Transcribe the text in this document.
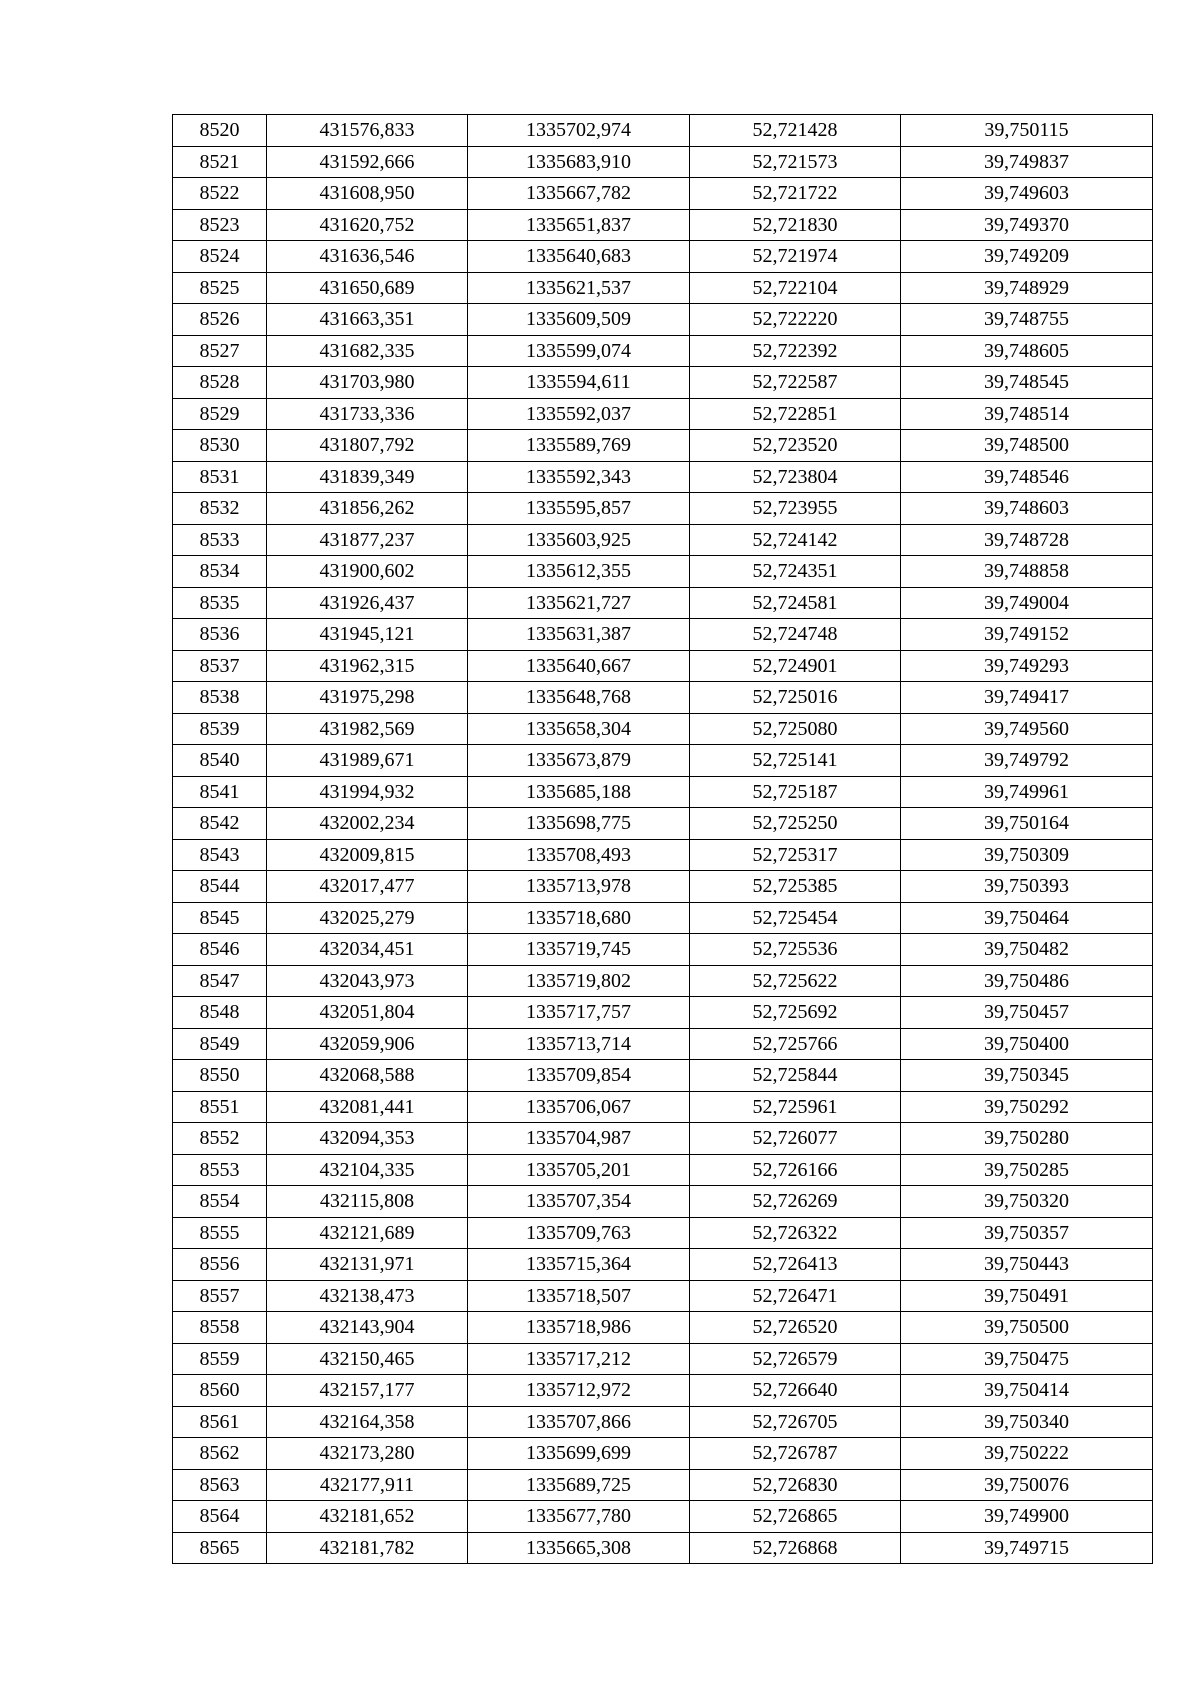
8520	431576,833	1335702,974	52,721428	39,750115
8521	431592,666	1335683,910	52,721573	39,749837
8522	431608,950	1335667,782	52,721722	39,749603
8523	431620,752	1335651,837	52,721830	39,749370
8524	431636,546	1335640,683	52,721974	39,749209
8525	431650,689	1335621,537	52,722104	39,748929
8526	431663,351	1335609,509	52,722220	39,748755
8527	431682,335	1335599,074	52,722392	39,748605
8528	431703,980	1335594,611	52,722587	39,748545
8529	431733,336	1335592,037	52,722851	39,748514
8530	431807,792	1335589,769	52,723520	39,748500
8531	431839,349	1335592,343	52,723804	39,748546
8532	431856,262	1335595,857	52,723955	39,748603
8533	431877,237	1335603,925	52,724142	39,748728
8534	431900,602	1335612,355	52,724351	39,748858
8535	431926,437	1335621,727	52,724581	39,749004
8536	431945,121	1335631,387	52,724748	39,749152
8537	431962,315	1335640,667	52,724901	39,749293
8538	431975,298	1335648,768	52,725016	39,749417
8539	431982,569	1335658,304	52,725080	39,749560
8540	431989,671	1335673,879	52,725141	39,749792
8541	431994,932	1335685,188	52,725187	39,749961
8542	432002,234	1335698,775	52,725250	39,750164
8543	432009,815	1335708,493	52,725317	39,750309
8544	432017,477	1335713,978	52,725385	39,750393
8545	432025,279	1335718,680	52,725454	39,750464
8546	432034,451	1335719,745	52,725536	39,750482
8547	432043,973	1335719,802	52,725622	39,750486
8548	432051,804	1335717,757	52,725692	39,750457
8549	432059,906	1335713,714	52,725766	39,750400
8550	432068,588	1335709,854	52,725844	39,750345
8551	432081,441	1335706,067	52,725961	39,750292
8552	432094,353	1335704,987	52,726077	39,750280
8553	432104,335	1335705,201	52,726166	39,750285
8554	432115,808	1335707,354	52,726269	39,750320
8555	432121,689	1335709,763	52,726322	39,750357
8556	432131,971	1335715,364	52,726413	39,750443
8557	432138,473	1335718,507	52,726471	39,750491
8558	432143,904	1335718,986	52,726520	39,750500
8559	432150,465	1335717,212	52,726579	39,750475
8560	432157,177	1335712,972	52,726640	39,750414
8561	432164,358	1335707,866	52,726705	39,750340
8562	432173,280	1335699,699	52,726787	39,750222
8563	432177,911	1335689,725	52,726830	39,750076
8564	432181,652	1335677,780	52,726865	39,749900
8565	432181,782	1335665,308	52,726868	39,749715
